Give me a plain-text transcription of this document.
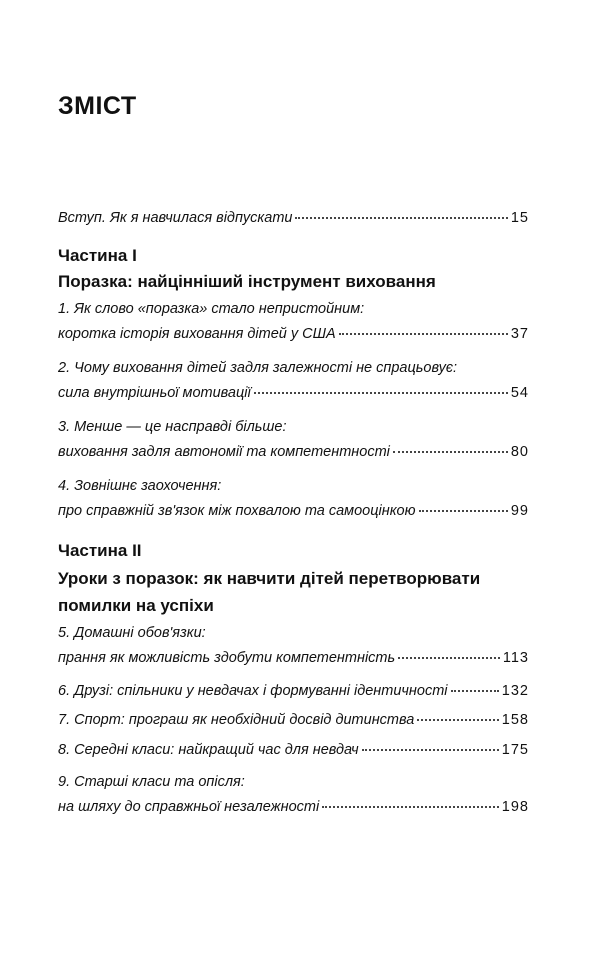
ЗМІСТ
Вступ. Як я навчилася відпускати	15
Частина I
Поразка: найцінніший інструмент виховання
1. Як слово «поразка» стало непристойним:
коротка історія виховання дітей у США	37
2. Чому виховання дітей задля залежності не спрацьовує:
сила внутрішньої мотивації	54
3. Менше — це насправді більше:
виховання задля автономії та компетентності	80
4. Зовнішнє заохочення:
про справжній зв'язок між похвалою та самооцінкою	99
Частина II
Уроки з поразок: як навчити дітей перетворювати
помилки на успіхи
5. Домашні обов'язки:
прання як можливість здобути компетентність	113
6. Друзі: спільники у невдачах і формуванні ідентичності	132
7. Спорт: програш як необхідний досвід дитинства	158
8. Середні класи: найкращий час для невдач	175
9. Старші класи та опісля:
на шляху до справжньої незалежності	198
